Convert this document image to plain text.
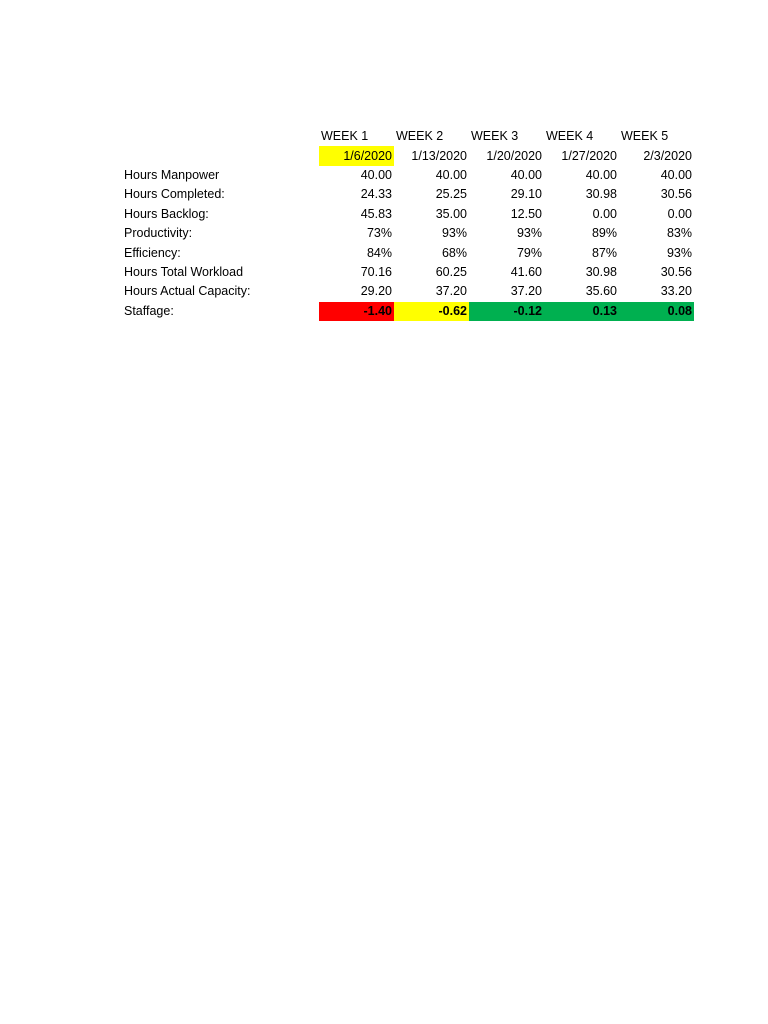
	WEEK 1	WEEK 2	WEEK 3	WEEK 4	WEEK 5
	1/6/2020	1/13/2020	1/20/2020	1/27/2020	2/3/2020
Hours Manpower	40.00	40.00	40.00	40.00	40.00
Hours Completed:	24.33	25.25	29.10	30.98	30.56
Hours Backlog:	45.83	35.00	12.50	0.00	0.00
Productivity:	73%	93%	93%	89%	83%
Efficiency:	84%	68%	79%	87%	93%
Hours Total Workload	70.16	60.25	41.60	30.98	30.56
Hours Actual Capacity:	29.20	37.20	37.20	35.60	33.20
Staffage:	-1.40	-0.62	-0.12	0.13	0.08
